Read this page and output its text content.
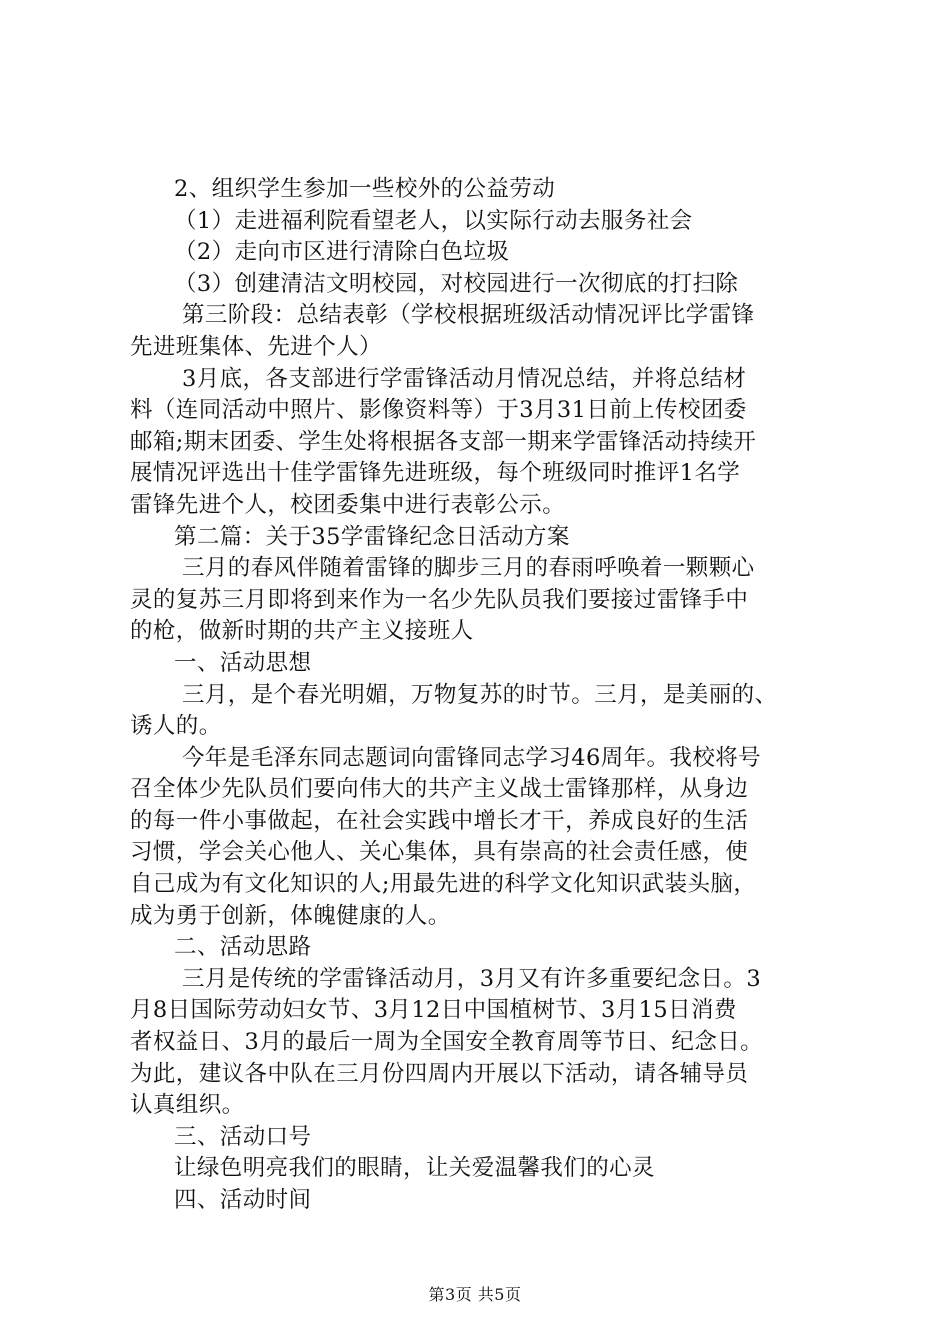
2、组织学生参加一些校外的公益劳动
（1）走进福利院看望老人，以实际行动去服务社会
（2）走向市区进行清除白色垃圾
（3）创建清洁文明校园，对校园进行一次彻底的打扫除
第三阶段：总结表彰（学校根据班级活动情况评比学雷锋
先进班集体、先进个人）
3月底，各支部进行学雷锋活动月情况总结，并将总结材
料（连同活动中照片、影像资料等）于3月31日前上传校团委
邮箱;期末团委、学生处将根据各支部一期来学雷锋活动持续开
展情况评选出十佳学雷锋先进班级，每个班级同时推评1名学
雷锋先进个人，校团委集中进行表彰公示。
第二篇：关于35学雷锋纪念日活动方案
三月的春风伴随着雷锋的脚步三月的春雨呼唤着一颗颗心
灵的复苏三月即将到来作为一名少先队员我们要接过雷锋手中
的枪，做新时期的共产主义接班人
一、活动思想
三月，是个春光明媚，万物复苏的时节。三月，是美丽的、
诱人的。
今年是毛泽东同志题词向雷锋同志学习46周年。我校将号
召全体少先队员们要向伟大的共产主义战士雷锋那样，从身边
的每一件小事做起，在社会实践中增长才干，养成良好的生活
习惯，学会关心他人、关心集体，具有崇高的社会责任感，使
自己成为有文化知识的人;用最先进的科学文化知识武装头脑，
成为勇于创新，体魄健康的人。
二、活动思路
三月是传统的学雷锋活动月，3月又有许多重要纪念日。3
月8日国际劳动妇女节、3月12日中国植树节、3月15日消费
者权益日、3月的最后一周为全国安全教育周等节日、纪念日。
为此，建议各中队在三月份四周内开展以下活动，请各辅导员
认真组织。
三、活动口号
让绿色明亮我们的眼睛，让关爱温馨我们的心灵
四、活动时间
第3页 共5页
